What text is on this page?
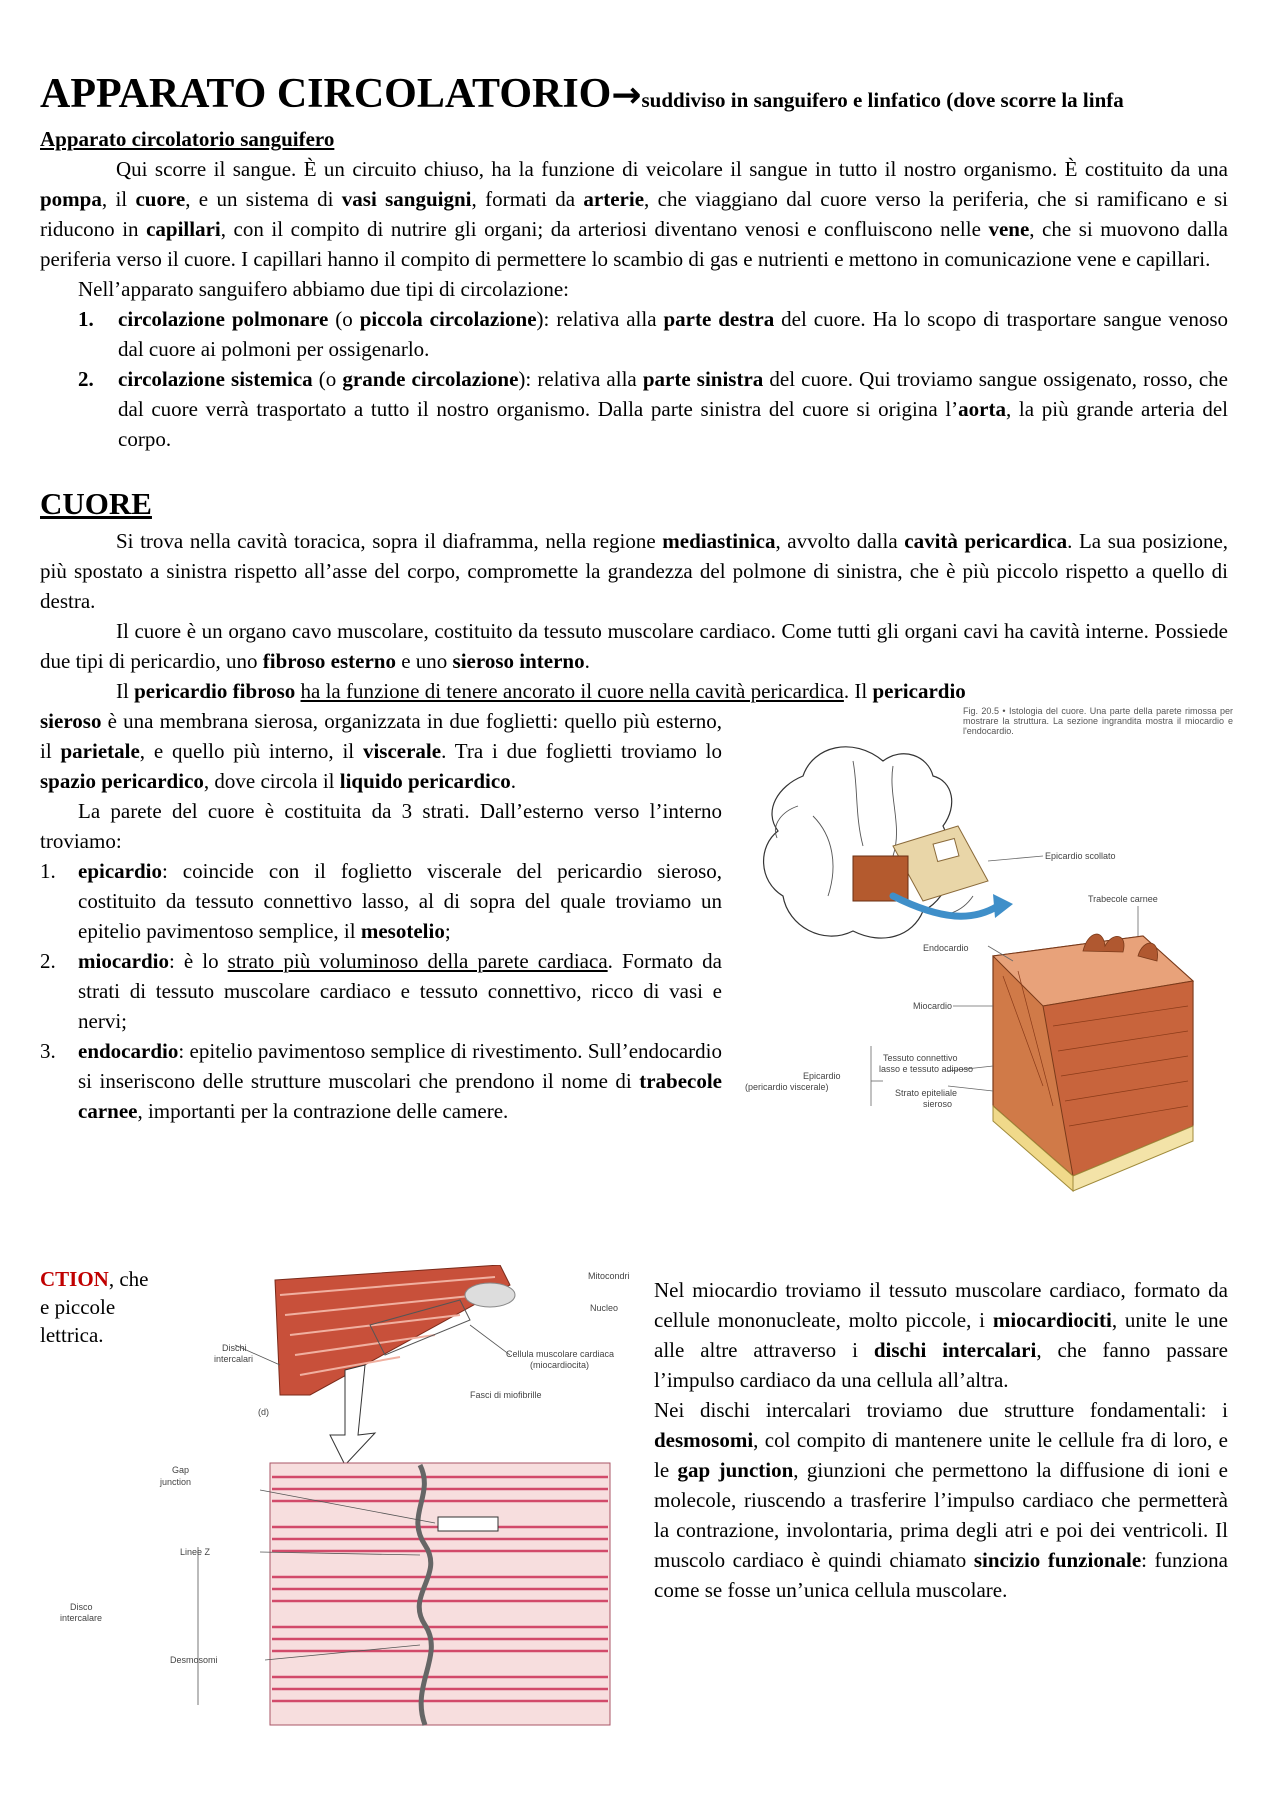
APPARATO CIRCOLATORIO→suddiviso in sanguifero e linfatico (dove scorre la linfa

Apparato circolatorio sanguifero

Qui scorre il sangue. È un circuito chiuso, ha la funzione di veicolare il sangue in tutto il nostro organismo. È costituito da una pompa, il cuore, e un sistema di vasi sanguigni, formati da arterie, che viaggiano dal cuore verso la periferia, che si ramificano e si riducono in capillari, con il compito di nutrire gli organi; da arteriosi diventano venosi e confluiscono nelle vene, che si muovono dalla periferia verso il cuore. I capillari hanno il compito di permettere lo scambio di gas e nutrienti e mettono in comunicazione vene e capillari.

Nell’apparato sanguifero abbiamo due tipi di circolazione:

1. circolazione polmonare (o piccola circolazione): relativa alla parte destra del cuore. Ha lo scopo di trasportare sangue venoso dal cuore ai polmoni per ossigenarlo.
2. circolazione sistemica (o grande circolazione): relativa alla parte sinistra del cuore. Qui troviamo sangue ossigenato, rosso, che dal cuore verrà trasportato a tutto il nostro organismo. Dalla parte sinistra del cuore si origina l’aorta, la più grande arteria del corpo.
CUORE

Si trova nella cavità toracica, sopra il diaframma, nella regione mediastinica, avvolto dalla cavità pericardica. La sua posizione, più spostato a sinistra rispetto all’asse del corpo, compromette la grandezza del polmone di sinistra, che è più piccolo rispetto a quello di destra.

Il cuore è un organo cavo muscolare, costituito da tessuto muscolare cardiaco. Come tutti gli organi cavi ha cavità interne. Possiede due tipi di pericardio, uno fibroso esterno e uno sieroso interno.

Il pericardio fibroso ha la funzione di tenere ancorato il cuore nella cavità pericardica. Il pericardio

sieroso è una membrana sierosa, organizzata in due foglietti: quello più esterno, il parietale, e quello più interno, il viscerale. Tra i due foglietti troviamo lo spazio pericardico, dove circola il liquido pericardico.

La parete del cuore è costituita da 3 strati. Dall’esterno verso l’interno troviamo:

1. epicardio: coincide con il foglietto viscerale del pericardio sieroso, costituito da tessuto connettivo lasso, al di sopra del quale troviamo un epitelio pavimentoso semplice, il mesotelio;
2. miocardio: è lo strato più voluminoso della parete cardiaca. Formato da strati di tessuto muscolare cardiaco e tessuto connettivo, ricco di vasi e nervi;
3. endocardio: epitelio pavimentoso semplice di rivestimento. Sull’endocardio si inseriscono delle strutture muscolari che prendono il nome di trabecole carnee, importanti per la contrazione delle camere.
Fig. 20.5 • Istologia del cuore. Una parte della parete rimossa per mostrare la struttura. La sezione ingrandita mostra il miocardio e l'endocardio.
Epicardio scollato
Trabecole carnee
Endocardio
Miocardio
Tessuto connettivo
lasso e tessuto adiposo
Epicardio
(pericardio viscerale)
Strato epiteliale
sieroso
Mitocondri
Nucleo
Dischi
intercalari	Cellula muscolare cardiaca
(miocardiocita)
Fasci di miofibrille
(d)
Gap
junction
Linee Z
Disco
intercalare
Desmosomi
CTION, che
e piccole
lettrica.

Nel miocardio troviamo il tessuto muscolare cardiaco, formato da cellule mononucleate, molto piccole, i miocardiociti, unite le une alle altre attraverso i dischi intercalari, che fanno passare l’impulso cardiaco da una cellula all’altra.

Nei dischi intercalari troviamo due strutture fondamentali: i desmosomi, col compito di mantenere unite le cellule fra di loro, e le gap junction, giunzioni che permettono la diffusione di ioni e molecole, riuscendo a trasferire l’impulso cardiaco che permetterà la contrazione, involontaria, prima degli atri e poi dei ventricoli. Il muscolo cardiaco è quindi chiamato sincizio funzionale: funziona come se fosse un’unica cellula muscolare.
